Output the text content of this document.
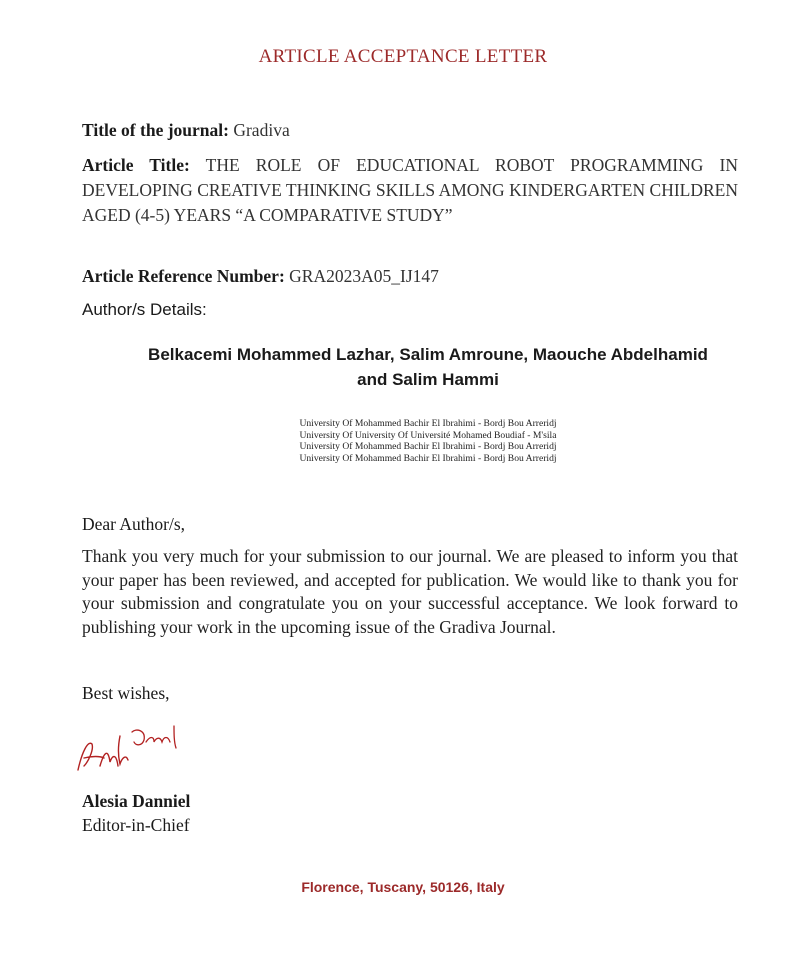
ARTICLE ACCEPTANCE LETTER
Title of the journal: Gradiva
Article Title: THE ROLE OF EDUCATIONAL ROBOT PROGRAMMING IN DEVELOPING CREATIVE THINKING SKILLS AMONG KINDERGARTEN CHILDREN AGED (4-5) YEARS “A COMPARATIVE STUDY”
Article Reference Number: GRA2023A05_IJ147
Author/s Details:
Belkacemi Mohammed Lazhar, Salim Amroune, Maouche Abdelhamid
and Salim Hammi
University Of Mohammed Bachir El Ibrahimi - Bordj Bou Arreridj
University Of University Of Université Mohamed Boudiaf - M'sila
University Of Mohammed Bachir El Ibrahimi - Bordj Bou Arreridj
University Of Mohammed Bachir El Ibrahimi - Bordj Bou Arreridj
Dear Author/s,
Thank you very much for your submission to our journal. We are pleased to inform you that your paper has been reviewed, and accepted for publication. We would like to thank you for your submission and congratulate you on your successful acceptance. We look forward to publishing your work in the upcoming issue of the Gradiva Journal.
Best wishes,
Alesia Danniel
Editor-in-Chief
Florence, Tuscany, 50126, Italy
